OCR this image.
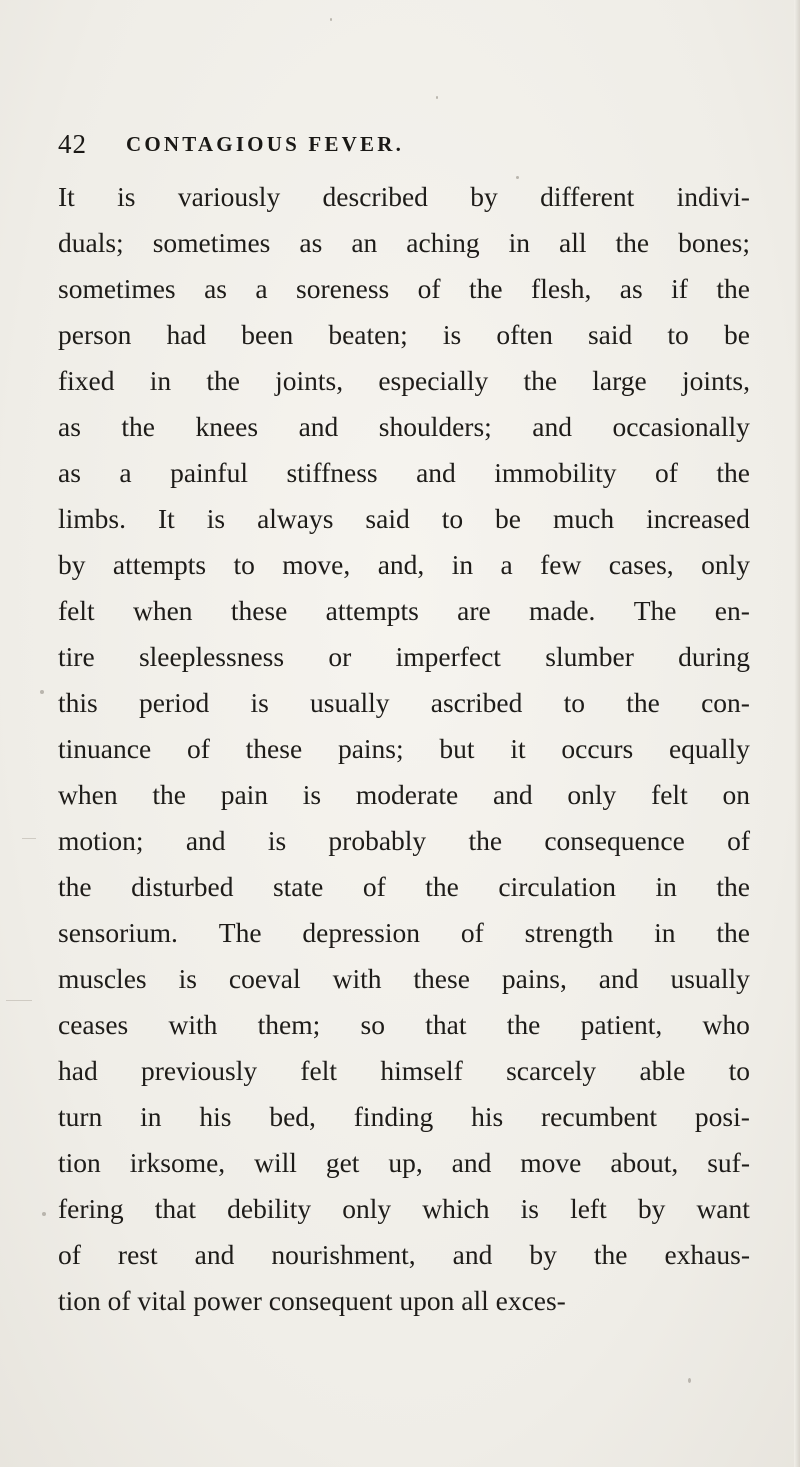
42 CONTAGIOUS FEVER.
It is variously described by different indivi-
duals; sometimes as an aching in all the bones;
sometimes as a soreness of the flesh, as if the
person had been beaten; is often said to be
fixed in the joints, especially the large joints,
as the knees and shoulders; and occasionally
as a painful stiffness and immobility of the
limbs. It is always said to be much increased
by attempts to move, and, in a few cases, only
felt when these attempts are made. The en-
tire sleeplessness or imperfect slumber during
this period is usually ascribed to the con-
tinuance of these pains; but it occurs equally
when the pain is moderate and only felt on
motion; and is probably the consequence of
the disturbed state of the circulation in the
sensorium. The depression of strength in the
muscles is coeval with these pains, and usually
ceases with them; so that the patient, who
had previously felt himself scarcely able to
turn in his bed, finding his recumbent posi-
tion irksome, will get up, and move about, suf-
fering that debility only which is left by want
of rest and nourishment, and by the exhaus-
tion of vital power consequent upon all exces-
